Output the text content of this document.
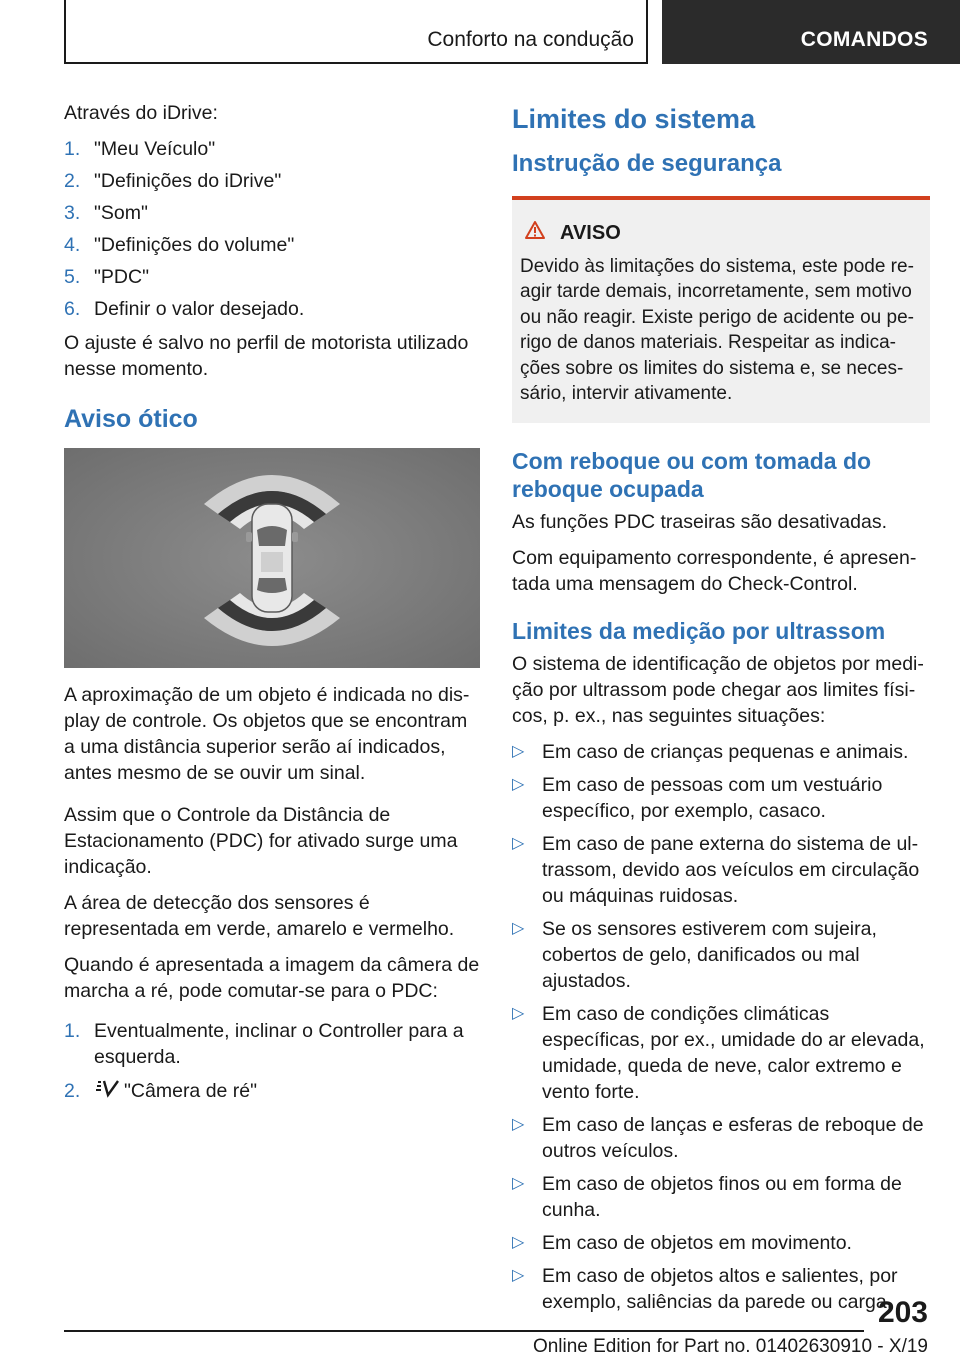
Conforto na condução	COMANDOS

Através do iDrive:

1. "Meu Veículo"
2. "Definições do iDrive"
3. "Som"
4. "Definições do volume"
5. "PDC"
6. Definir o valor desejado.

O ajuste é salvo no perfil de motorista utilizado nesse momento.

Aviso ótico

A aproximação de um objeto é indicada no display de controle. Os objetos que se encontram a uma distância superior serão aí indicados, antes mesmo de se ouvir um sinal.

Assim que o Controle da Distância de Estacionamento (PDC) for ativado surge uma indicação.

A área de detecção dos sensores é representada em verde, amarelo e vermelho.

Quando é apresentada a imagem da câmera de marcha a ré, pode comutar-se para o PDC:

1. Eventualmente, inclinar o Controller para a esquerda.
2.	"Câmera de ré"
Limites do sistema
Instrução de segurança
AVISO
Devido às limitações do sistema, este pode reagir tarde demais, incorretamente, sem motivo ou não reagir. Existe perigo de acidente ou perigo de danos materiais. Respeitar as indicações sobre os limites do sistema e, se necessário, intervir ativamente.
Com reboque ou com tomada do reboque ocupada

As funções PDC traseiras são desativadas.

Com equipamento correspondente, é apresentada uma mensagem do Check-Control.

Limites da medição por ultrassom

O sistema de identificação de objetos por medição por ultrassom pode chegar aos limites físicos, p. ex., nas seguintes situações:

▷ Em caso de crianças pequenas e animais.
▷ Em caso de pessoas com um vestuário específico, por exemplo, casaco.
▷ Em caso de pane externa do sistema de ultrassom, devido aos veículos em circulação ou máquinas ruidosas.
▷ Se os sensores estiverem com sujeira, cobertos de gelo, danificados ou mal ajustados.
▷ Em caso de condições climáticas específicas, por ex., umidade do ar elevada, umidade, queda de neve, calor extremo e vento forte.
▷ Em caso de lanças e esferas de reboque de outros veículos.
▷ Em caso de objetos finos ou em forma de cunha.
▷ Em caso de objetos em movimento.
▷ Em caso de objetos altos e salientes, por exemplo, saliências da parede ou carga.
203
Online Edition for Part no. 01402630910 - X/19
